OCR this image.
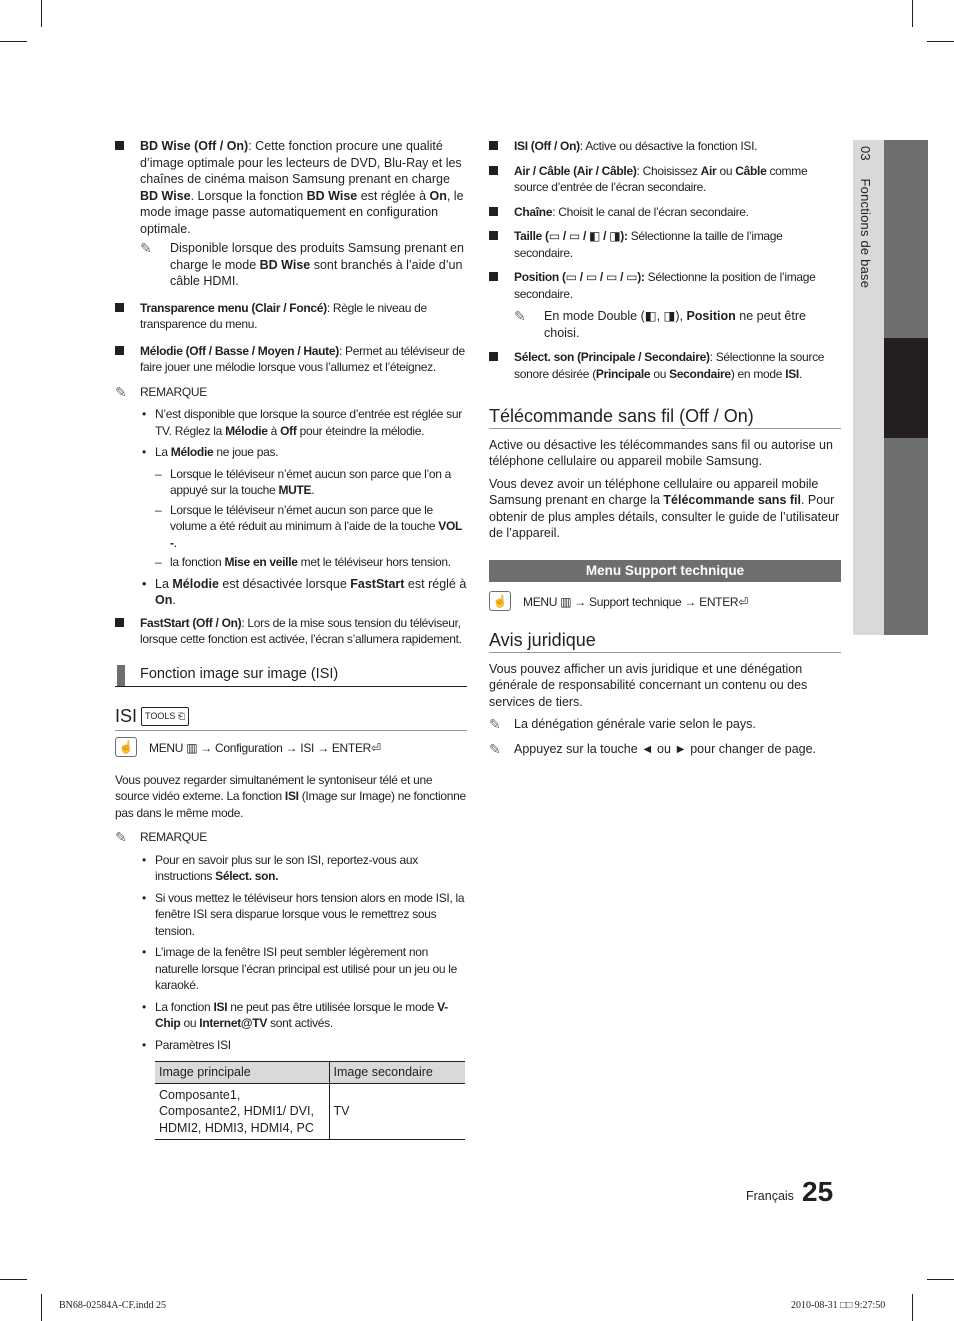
03  Fonctions de base
BD Wise (Off / On): Cette fonction procure une qualité d’image optimale pour les lecteurs de DVD, Blu-Ray et les chaînes de cinéma maison Samsung prenant en charge BD Wise. Lorsque la fonction BD Wise est réglée à On, le mode image passe automatiquement en configuration optimale.
✎ Disponible lorsque des produits Samsung prenant en charge le mode BD Wise sont branchés à l’aide d’un câble HDMI.
Transparence menu (Clair / Foncé): Règle le niveau de transparence du menu.
Mélodie (Off / Basse / Moyen / Haute): Permet au téléviseur de faire jouer une mélodie lorsque vous l’allumez et l’éteignez.
✎ REMARQUE
• N’est disponible que lorsque la source d’entrée est réglée sur TV. Réglez la Mélodie à Off pour éteindre la mélodie.
• La Mélodie ne joue pas.
– Lorsque le téléviseur n’émet aucun son parce que l’on a appuyé sur la touche MUTE.
– Lorsque le téléviseur n’émet aucun son parce que le volume a été réduit au minimum à l’aide de la touche VOL -.
– la fonction Mise en veille met le téléviseur hors tension.
• La Mélodie est désactivée lorsque FastStart est réglé à On.
FastStart (Off / On): Lors de la mise sous tension du téléviseur, lorsque cette fonction est activée, l’écran s’allumera rapidement.
Fonction image sur image (ISI)
ISI TOOLS ⎗
☝	MENU ▥ → Configuration → ISI → ENTER⏎
Vous pouvez regarder simultanément le syntoniseur télé et une source vidéo externe. La fonction ISI (Image sur Image) ne fonctionne pas dans le même mode.
✎ REMARQUE
• Pour en savoir plus sur le son ISI, reportez-vous aux instructions Sélect. son.
• Si vous mettez le téléviseur hors tension alors en mode ISI, la fenêtre ISI sera disparue lorsque vous le remettrez sous tension.
• L’image de la fenêtre ISI peut sembler légèrement non naturelle lorsque l’écran principal est utilisé pour un jeu ou le karaoké.
• La fonction ISI ne peut pas être utilisée lorsque le mode V-Chip ou Internet@TV sont activés.
• Paramètres ISI
Image principale	Image secondaire
Composante1, Composante2, HDMI1/ DVI, HDMI2, HDMI3, HDMI4, PC	TV
ISI (Off / On): Active ou désactive la fonction ISI.
Air / Câble (Air / Câble): Choisissez Air ou Câble comme source d’entrée de l’écran secondaire.
Chaîne: Choisit le canal de l’écran secondaire.
Taille (▭ / ▭ / ◧ / ◨): Sélectionne la taille de l’image secondaire.
Position (▭ / ▭ / ▭ / ▭): Sélectionne la position de l’image secondaire.
✎ En mode Double (◧, ◨), Position ne peut être choisi.
Sélect. son (Principale / Secondaire): Sélectionne la source sonore désirée (Principale ou Secondaire) en mode ISI.
Télécommande sans fil (Off / On)
Active ou désactive les télécommandes sans fil ou autorise un téléphone cellulaire ou appareil mobile Samsung.
Vous devez avoir un téléphone cellulaire ou appareil mobile Samsung prenant en charge la Télécommande sans fil. Pour obtenir de plus amples détails, consulter le guide de l’utilisateur de l’appareil.
Menu Support technique
☝	MENU ▥ → Support technique → ENTER⏎
Avis juridique
Vous pouvez afficher un avis juridique et une dénégation générale de responsabilité concernant un contenu ou des services de tiers.
✎ La dénégation générale varie selon le pays.
✎ Appuyez sur la touche ◄ ou ► pour changer de page.
Français 25
BN68-02584A-CF.indd 25	2010-08-31 □□ 9:27:50
